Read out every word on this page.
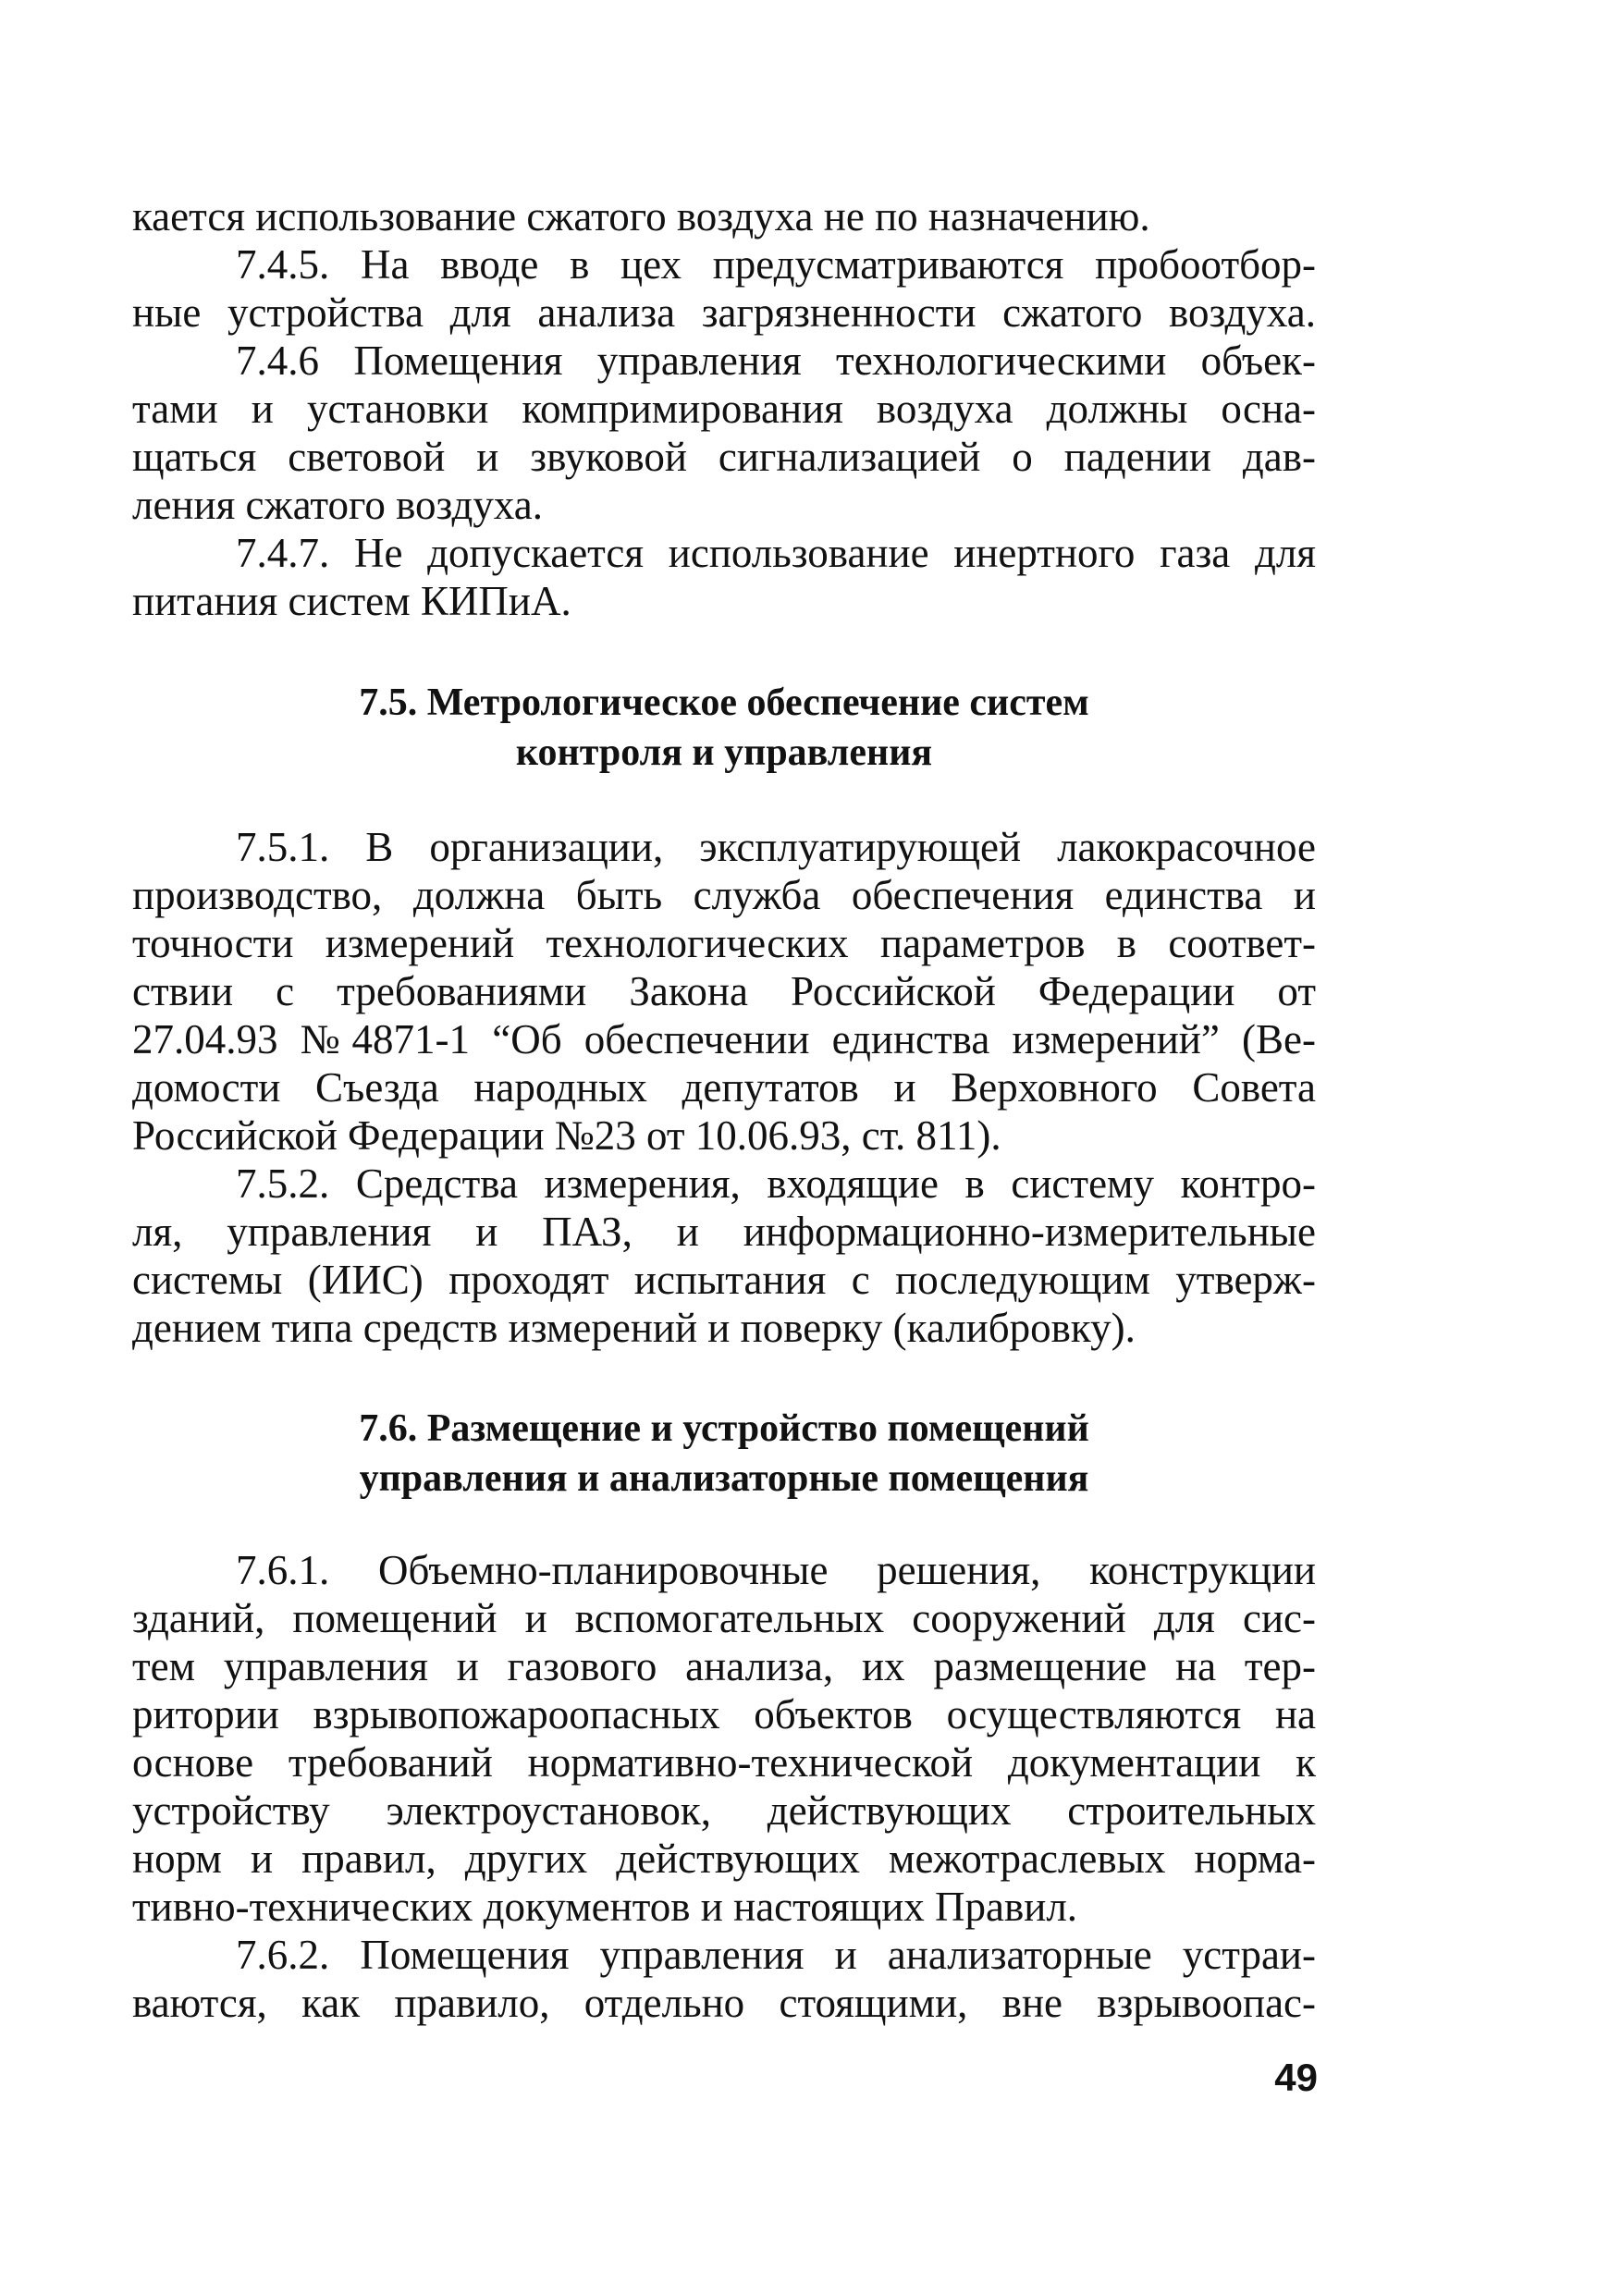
кается использование сжатого воздуха не по назначению.
7.4.5. На вводе в цех предусматриваются пробоотбор-
ные устройства для анализа загрязненности сжатого воздуха.
7.4.6 Помещения управления технологическими объек-
тами и установки компримирования воздуха должны осна-
щаться световой и звуковой сигнализацией о падении дав-
ления сжатого воздуха.
7.4.7. Не допускается использование инертного газа для
питания систем КИПиА.
7.5. Метрологическое обеспечение систем
контроля и управления
7.5.1. В организации, эксплуатирующей лакокрасочное
производство, должна быть служба обеспечения единства и
точности измерений технологических параметров в соответ-
ствии с требованиями Закона Российской Федерации от
27.04.93 №4871-1 “Об обеспечении единства измерений” (Ве-
домости Съезда народных депутатов и Верховного Совета
Российской Федерации №23 от 10.06.93, ст. 811).
7.5.2. Средства измерения, входящие в систему контро-
ля, управления и ПАЗ, и информационно-измерительные
системы (ИИС) проходят испытания с последующим утверж-
дением типа средств измерений и поверку (калибровку).
7.6. Размещение и устройство помещений
управления и анализаторные помещения
7.6.1. Объемно-планировочные решения, конструкции
зданий, помещений и вспомогательных сооружений для сис-
тем управления и газового анализа, их размещение на тер-
ритории взрывопожароопасных объектов осуществляются на
основе требований нормативно-технической документации к
устройству электроустановок, действующих строительных
норм и правил, других действующих межотраслевых норма-
тивно-технических документов и настоящих Правил.
7.6.2. Помещения управления и анализаторные устраи-
ваются, как правило, отдельно стоящими, вне взрывоопас-
49
